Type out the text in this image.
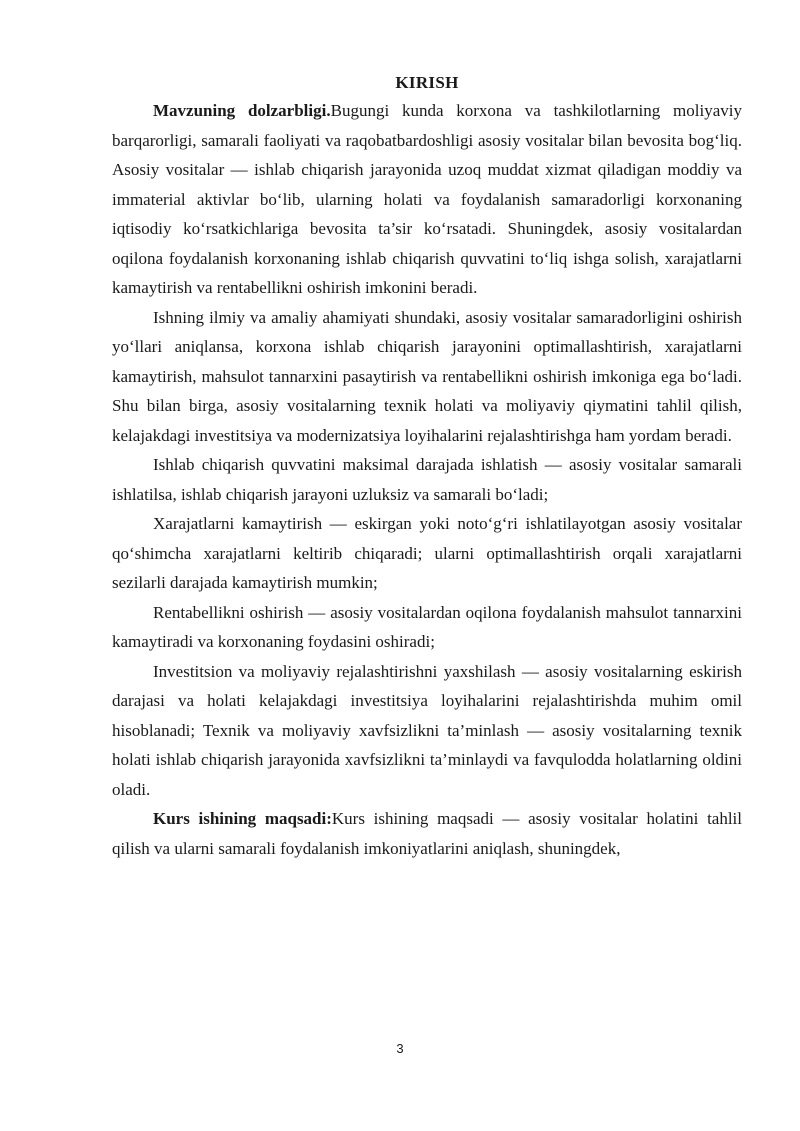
KIRISH

Mavzuning dolzarbligi.Bugungi kunda korxona va tashkilotlarning moliyaviy barqarorligi, samarali faoliyati va raqobatbardoshligi asosiy vositalar bilan bevosita bog‘liq. Asosiy vositalar — ishlab chiqarish jarayonida uzoq muddat xizmat qiladigan moddiy va immaterial aktivlar bo‘lib, ularning holati va foydalanish samaradorligi korxonaning iqtisodiy ko‘rsatkichlariga bevosita ta’sir ko‘rsatadi. Shuningdek, asosiy vositalardan oqilona foydalanish korxonaning ishlab chiqarish quvvatini to‘liq ishga solish, xarajatlarni kamaytirish va rentabellikni oshirish imkonini beradi.

Ishning ilmiy va amaliy ahamiyati shundaki, asosiy vositalar samaradorligini oshirish yo‘llari aniqlansa, korxona ishlab chiqarish jarayonini optimallashtirish, xarajatlarni kamaytirish, mahsulot tannarxini pasaytirish va rentabellikni oshirish imkoniga ega bo‘ladi. Shu bilan birga, asosiy vositalarning texnik holati va moliyaviy qiymatini tahlil qilish, kelajakdagi investitsiya va modernizatsiya loyihalarini rejalashtirishga ham yordam beradi.

Ishlab chiqarish quvvatini maksimal darajada ishlatish — asosiy vositalar samarali ishlatilsa, ishlab chiqarish jarayoni uzluksiz va samarali bo‘ladi;

Xarajatlarni kamaytirish — eskirgan yoki noto‘g‘ri ishlatilayotgan asosiy vositalar qo‘shimcha xarajatlarni keltirib chiqaradi; ularni optimallashtirish orqali xarajatlarni sezilarli darajada kamaytirish mumkin;

Rentabellikni oshirish — asosiy vositalardan oqilona foydalanish mahsulot tannarxini kamaytiradi va korxonaning foydasini oshiradi;

Investitsion va moliyaviy rejalashtirishni yaxshilash — asosiy vositalarning eskirish darajasi va holati kelajakdagi investitsiya loyihalarini rejalashtirishda muhim omil hisoblanadi; Texnik va moliyaviy xavfsizlikni ta’minlash — asosiy vositalarning texnik holati ishlab chiqarish jarayonida xavfsizlikni ta’minlaydi va favqulodda holatlarning oldini oladi.

Kurs ishining maqsadi:Kurs ishining maqsadi — asosiy vositalar holatini tahlil qilish va ularni samarali foydalanish imkoniyatlarini aniqlash, shuningdek,

3
